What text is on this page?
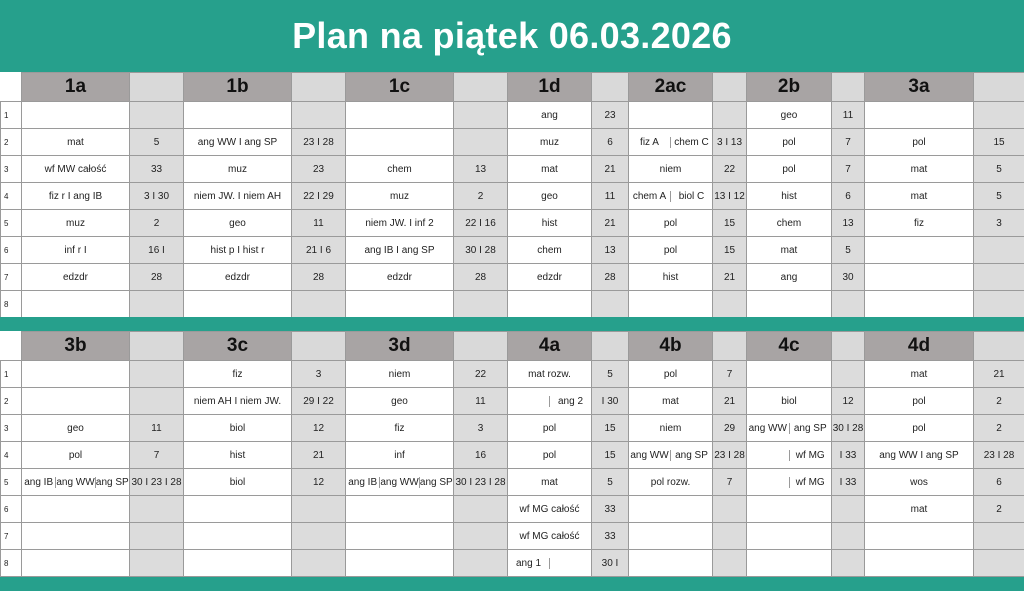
Plan na piątek 06.03.2026
	1a		1b		1c		1d		2ac		2b		3a	
1							ang	23			geo	11		
2	mat	5	ang WW I ang SP	23 I 28			muz	6	fiz A chem C	3 I 13	pol	7	pol	15
3	wf MW całość	33	muz	23	chem	13	mat	21	niem	22	pol	7	mat	5
4	fiz r I ang IB	3 I 30	niem JW. I niem AH	22 I 29	muz	2	geo	11	chem A biol C	13 I 12	hist	6	mat	5
5	muz	2	geo	11	niem JW. I inf 2	22 I 16	hist	21	pol	15	chem	13	fiz	3
6	inf r I	16 I	hist p I hist r	21 I 6	ang IB I ang SP	30 I 28	chem	13	pol	15	mat	5		
7	edzdr	28	edzdr	28	edzdr	28	edzdr	28	hist	21	ang	30		
8														
	3b		3c		3d		4a		4b		4c		4d	
1			fiz	3	niem	22	mat rozw.	5	pol	7			mat	21
2			niem AH I niem JW.	29 I 22	geo	11	ang 2	I 30	mat	21	biol	12	pol	2
3	geo	11	biol	12	fiz	3	pol	15	niem	29	ang WW ang SP	30 I 28	pol	2
4	pol	7	hist	21	inf	16	pol	15	ang WW ang SP	23 I 28	wf MG	I 33	ang WW I ang SP	23 I 28
5	ang IB ang WW ang SP	30 I 23 I 28	biol	12	ang IB ang WW ang SP	30 I 23 I 28	mat	5	pol rozw.	7	wf MG	I 33	wos	6
6							wf MG całość	33					mat	2
7							wf MG całość	33						
8							ang 1	30 I						
